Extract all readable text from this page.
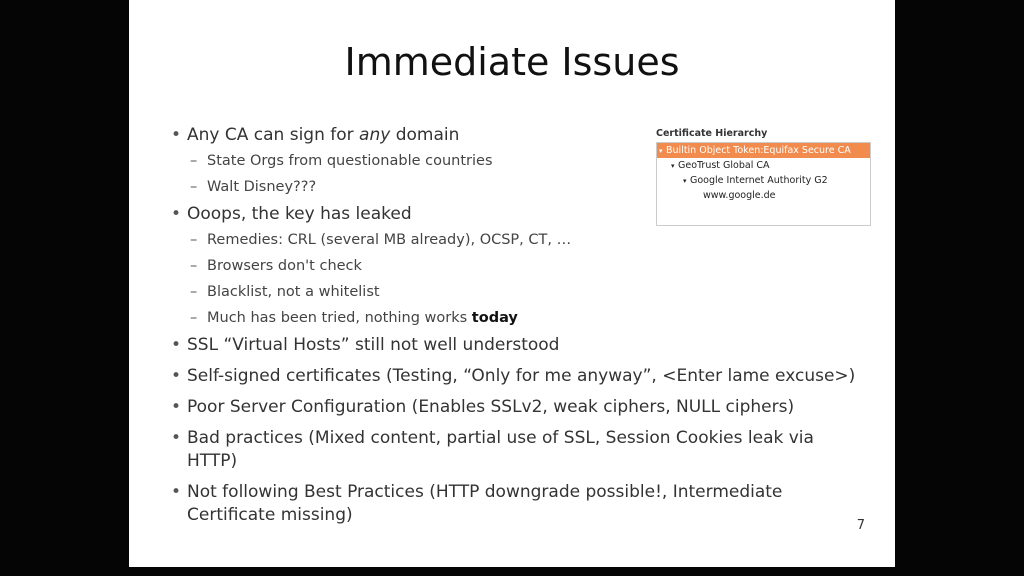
Immediate Issues
• Any CA can sign for any domain
– State Orgs from questionable countries
– Walt Disney???
• Ooops, the key has leaked
– Remedies: CRL (several MB already), OCSP, CT, …
– Browsers don't check
– Blacklist, not a whitelist
– Much has been tried, nothing works today
• SSL “Virtual Hosts” still not well understood
• Self-signed certificates (Testing, “Only for me anyway”, <Enter lame excuse>)
• Poor Server Configuration (Enables SSLv2, weak ciphers, NULL ciphers)
• Bad practices (Mixed content, partial use of SSL, Session Cookies leak via HTTP)
• Not following Best Practices (HTTP downgrade possible!, Intermediate Certificate missing)
Certificate Hierarchy
▾ Builtin Object Token:Equifax Secure CA
▾ GeoTrust Global CA
▾ Google Internet Authority G2
www.google.de
7
